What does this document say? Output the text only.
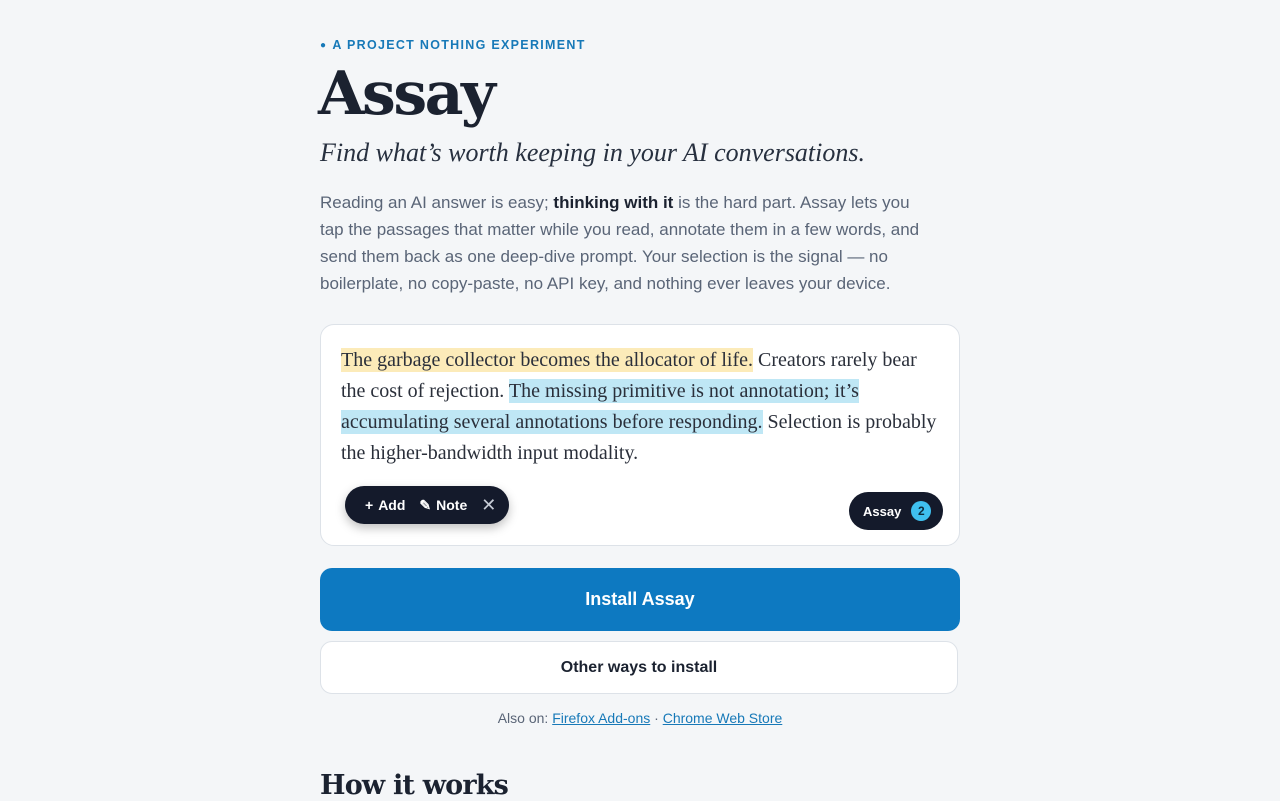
● A PROJECT NOTHING EXPERIMENT
Assay

Find what’s worth keeping in your AI conversations.

Reading an AI answer is easy; thinking with it is the hard part. Assay lets you tap the passages that matter while you read, annotate them in a few words, and send them back as one deep-dive prompt. Your selection is the signal — no boilerplate, no copy-paste, no API key, and nothing ever leaves your device.

The garbage collector becomes the allocator of life. Creators rarely bear the cost of rejection. The missing primitive is not annotation; it’s accumulating several annotations before responding. Selection is probably the higher-bandwidth input modality.

+ Add ✎ Note ✕	Assay	2
Install Assay
Other ways to install
Also on: Firefox Add-ons · Chrome Web Store
How it works
